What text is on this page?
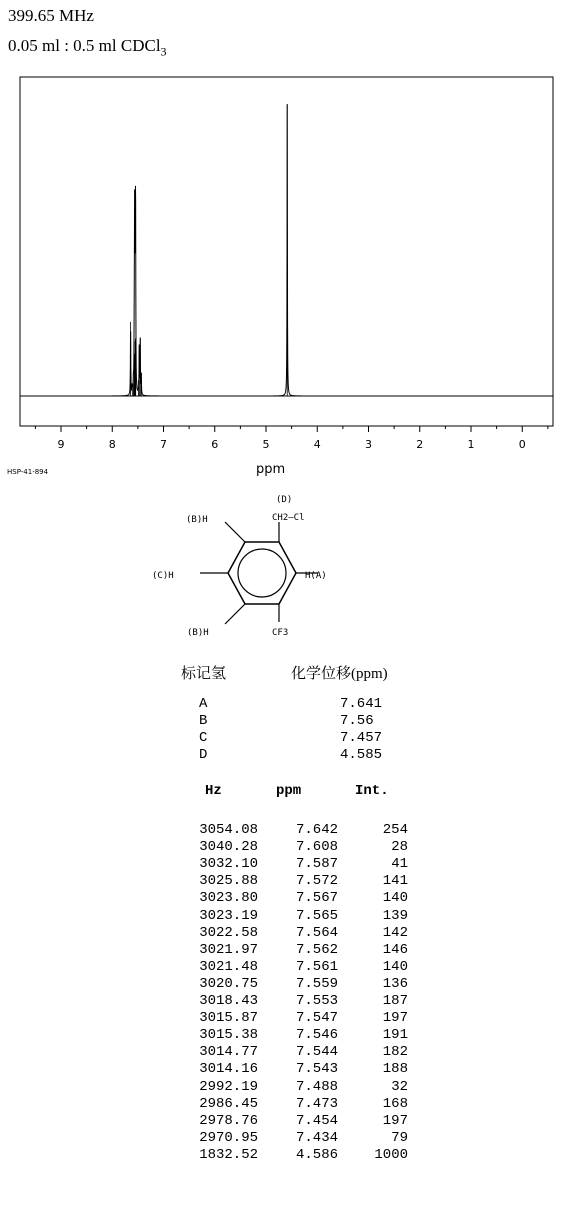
399.65 MHz
0.05 ml : 0.5 ml CDCl$_3$
9	8	7	6	5	4	3	2	1	0
HSP-41-894	ppm
(D)
(B)H	CH2–Cl
(C)H	H(A)
(B)H	CF3
标记氢	化学位移(ppm)
A	7.641
B	7.56
C	7.457
D	4.585
Hz	ppm	Int.
3054.08	7.642	254
3040.28	7.608	28
3032.10	7.587	41
3025.88	7.572	141
3023.80	7.567	140
3023.19	7.565	139
3022.58	7.564	142
3021.97	7.562	146
3021.48	7.561	140
3020.75	7.559	136
3018.43	7.553	187
3015.87	7.547	197
3015.38	7.546	191
3014.77	7.544	182
3014.16	7.543	188
2992.19	7.488	32
2986.45	7.473	168
2978.76	7.454	197
2970.95	7.434	79
1832.52	4.586	1000
